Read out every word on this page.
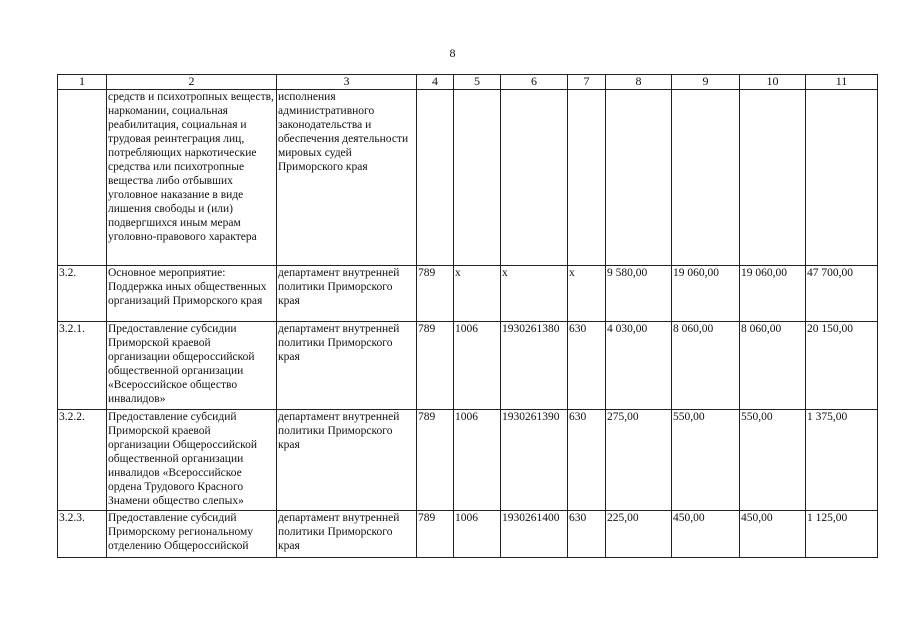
8
1	2	3	4	5	6	7	8	9	10	11
	средств и психотропных веществ, наркомании, социальная реабилитация, социальная и трудовая реинтеграция лиц, потребляющих наркотические средства или психотропные вещества либо отбывших уголовное наказание в виде лишения свободы и (или) подвергшихся иным мерам уголовно-правового характера	исполнения административного законодательства и обеспечения деятельности мировых судей Приморского края								
3.2.	Основное мероприятие: Поддержка иных общественных организаций Приморского края	департамент внутренней политики Приморского края	789	х	х	х	9 580,00	19 060,00	19 060,00	47 700,00
3.2.1.	Предоставление субсидии Приморской краевой организации общероссийской общественной организации «Всероссийское общество инвалидов»	департамент внутренней политики Приморского края	789	1006	1930261380	630	4 030,00	8 060,00	8 060,00	20 150,00
3.2.2.	Предоставление субсидий Приморской краевой организации Общероссийской общественной организации инвалидов «Всероссийское ордена Трудового Красного Знамени общество слепых»	департамент внутренней политики Приморского края	789	1006	1930261390	630	275,00	550,00	550,00	1 375,00
3.2.3.	Предоставление субсидий Приморскому региональному отделению Общероссийской	департамент внутренней политики Приморского края	789	1006	1930261400	630	225,00	450,00	450,00	1 125,00
